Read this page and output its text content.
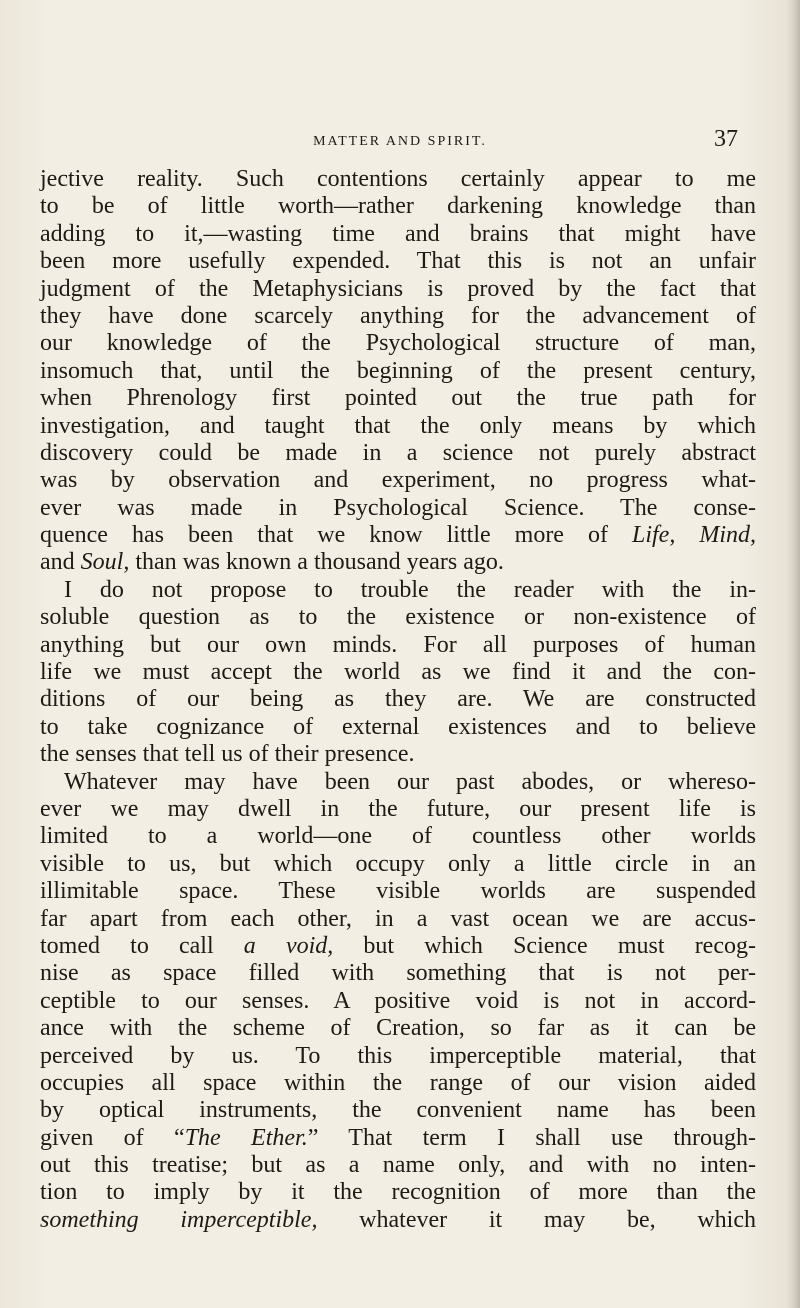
MATTER AND SPIRIT.	37
jective reality. Such contentions certainly appear to me
to be of little worth—rather darkening knowledge than
adding to it,—wasting time and brains that might have
been more usefully expended. That this is not an unfair
judgment of the Metaphysicians is proved by the fact that
they have done scarcely anything for the advancement of
our knowledge of the Psychological structure of man,
insomuch that, until the beginning of the present century,
when Phrenology first pointed out the true path for
investigation, and taught that the only means by which
discovery could be made in a science not purely abstract
was by observation and experiment, no progress what-
ever was made in Psychological Science. The conse-
quence has been that we know little more of Life, Mind,
and Soul, than was known a thousand years ago.
I do not propose to trouble the reader with the in-
soluble question as to the existence or non-existence of
anything but our own minds. For all purposes of human
life we must accept the world as we find it and the con-
ditions of our being as they are. We are constructed
to take cognizance of external existences and to believe
the senses that tell us of their presence.
Whatever may have been our past abodes, or whereso-
ever we may dwell in the future, our present life is
limited to a world—one of countless other worlds
visible to us, but which occupy only a little circle in an
illimitable space. These visible worlds are suspended
far apart from each other, in a vast ocean we are accus-
tomed to call a void, but which Science must recog-
nise as space filled with something that is not per-
ceptible to our senses. A positive void is not in accord-
ance with the scheme of Creation, so far as it can be
perceived by us. To this imperceptible material, that
occupies all space within the range of our vision aided
by optical instruments, the convenient name has been
given of “The Ether.” That term I shall use through-
out this treatise; but as a name only, and with no inten-
tion to imply by it the recognition of more than the
something imperceptible, whatever it may be, which
